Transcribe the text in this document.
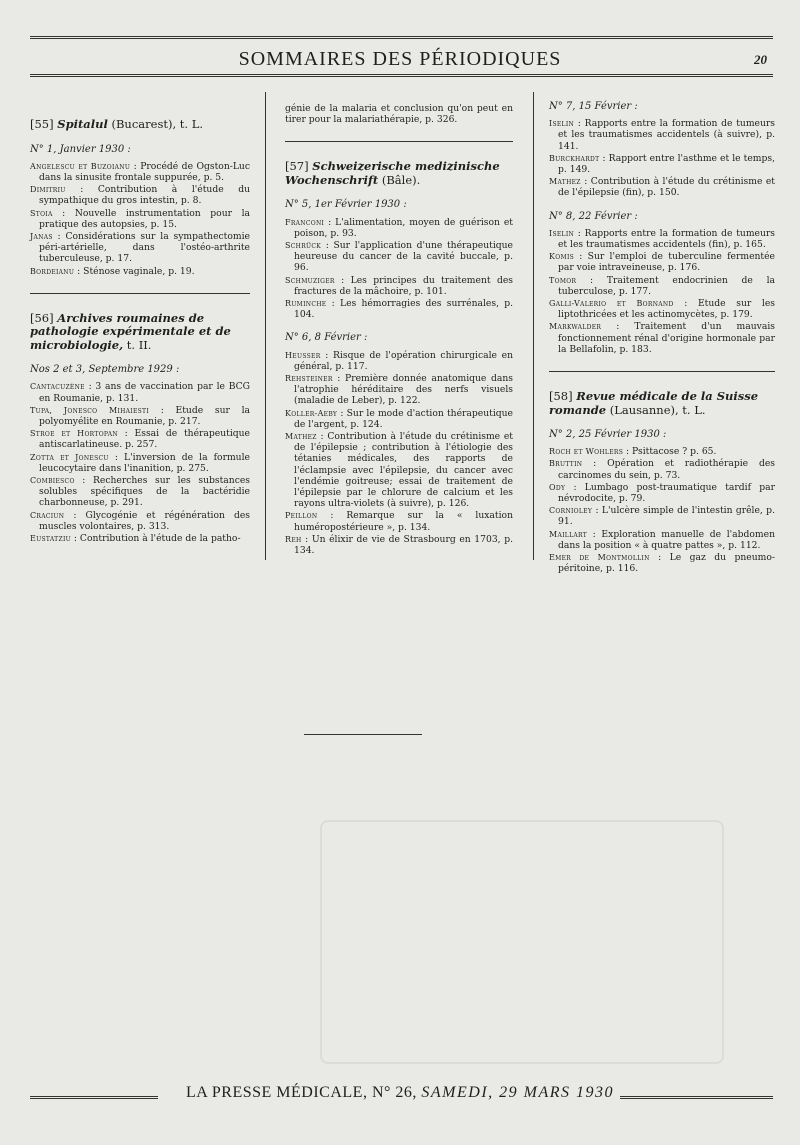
SOMMAIRES DES PÉRIODIQUES	20
[55] Spitalul (Bucarest), t. L.
N° 1, Janvier 1930 :
Angelescu et Buzoianu : Procédé de Ogston-Luc dans la sinusite frontale suppurée, p. 5.
Dimitriu : Contribution à l'étude du sympathique du gros intestin, p. 8.
Stoia : Nouvelle instrumentation pour la pratique des autopsies, p. 15.
Janas : Considérations sur la sympathectomie péri-artérielle, dans l'ostéo-arthrite tuberculeuse, p. 17.
Bordeianu : Sténose vaginale, p. 19.
[56] Archives roumaines de pathologie expérimentale et de microbiologie, t. II.
Nos 2 et 3, Septembre 1929 :
Cantacuzène : 3 ans de vaccination par le BCG en Roumanie, p. 131.
Tupa, Jonesco Mihaiesti : Etude sur la polyomyélite en Roumanie, p. 217.
Stroe et Hortopan : Essai de thérapeutique antiscarlatineuse. p. 257.
Zotta et Jonescu : L'inversion de la formule leucocytaire dans l'inanition, p. 275.
Combiesco : Recherches sur les substances solubles spécifiques de la bactéridie charbonneuse, p. 291.
Craciun : Glycogénie et régénération des muscles volontaires, p. 313.
Eustatziu : Contribution à l'étude de la patho-
génie de la malaria et conclusion qu'on peut en tirer pour la malariathérapie, p. 326.
[57] Schweizerische medizinische Wochenschrift (Bâle).
N° 5, 1er Février 1930 :
Franconi : L'alimentation, moyen de guérison et poison, p. 93.
Schrück : Sur l'application d'une thérapeutique heureuse du cancer de la cavité buccale, p. 96.
Schmuziger : Les principes du traitement des fractures de la mâchoire, p. 101.
Ruminche : Les hémorragies des surrénales, p. 104.
N° 6, 8 Février :
Heusser : Risque de l'opération chirurgicale en général, p. 117.
Rehsteiner : Première donnée anatomique dans l'atrophie héréditaire des nerfs visuels (maladie de Leber), p. 122.
Koller-Aeby : Sur le mode d'action thérapeutique de l'argent, p. 124.
Mathez : Contribution à l'étude du crétinisme et de l'épilepsie ; contribution à l'étiologie des tétanies médicales, des rapports de l'éclampsie avec l'épilepsie, du cancer avec l'endémie goitreuse; essai de traitement de l'épilepsie par le chlorure de calcium et les rayons ultra-violets (à suivre), p. 126.
Peillon : Remarque sur la « luxation huméropostérieure », p. 134.
Reh : Un élixir de vie de Strasbourg en 1703, p. 134.
N° 7, 15 Février :
Iselin : Rapports entre la formation de tumeurs et les traumatismes accidentels (à suivre), p. 141.
Burckhardt : Rapport entre l'asthme et le temps, p. 149.
Mathez : Contribution à l'étude du crétinisme et de l'épilepsie (fin), p. 150.
N° 8, 22 Février :
Iselin : Rapports entre la formation de tumeurs et les traumatismes accidentels (fin), p. 165.
Komis : Sur l'emploi de tuberculine fermentée par voie intraveineuse, p. 176.
Tomor : Traitement endocrinien de la tuberculose, p. 177.
Galli-Valerio et Bornand : Etude sur les liptothricées et les actinomycètes, p. 179.
Markwalder : Traitement d'un mauvais fonctionnement rénal d'origine hormonale par la Bellafolin, p. 183.
[58] Revue médicale de la Suisse romande (Lausanne), t. L.
N° 2, 25 Février 1930 :
Roch et Wohlers : Psittacose ? p. 65.
Bruttin : Opération et radiothérapie des carcinomes du sein, p. 73.
Ody : Lumbago post-traumatique tardif par névrodocite, p. 79.
Cornioley : L'ulcère simple de l'intestin grêle, p. 91.
Maillart : Exploration manuelle de l'abdomen dans la position « à quatre pattes », p. 112.
Emer de Montmollin : Le gaz du pneumo-péritoine, p. 116.
LA PRESSE MÉDICALE, N° 26, SAMEDI, 29 MARS 1930
